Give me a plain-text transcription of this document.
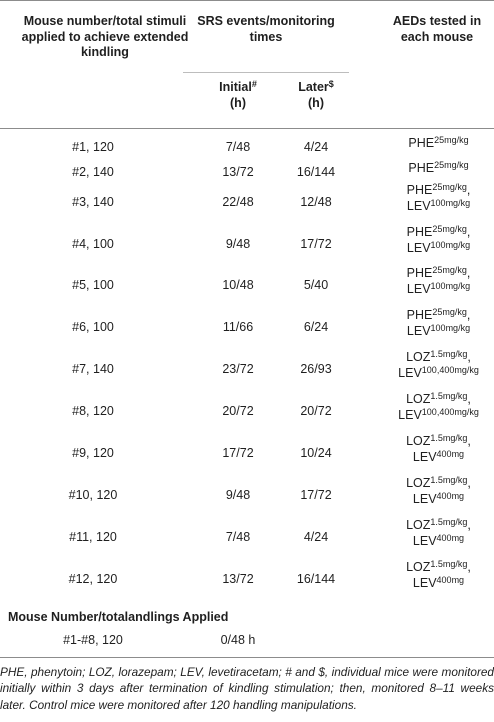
Mouse number/total stimuli applied to achieve extended kindling
SRS events/monitoring times
AEDs tested in each mouse
Initial#
(h)
Later$
(h)
#1, 120	7/48	4/24	$PHE^{25mg/kg}$
#2, 140	13/72	16/144	$PHE^{25mg/kg}$
#3, 140	22/48	12/48
$PHE^{25mg/kg}$,
$LEV^{100mg/kg}$
#4, 100	9/48	17/72
$PHE^{25mg/kg}$,
$LEV^{100mg/kg}$
#5, 100	10/48	5/40
$PHE^{25mg/kg}$,
$LEV^{100mg/kg}$
#6, 100	11/66	6/24
$PHE^{25mg/kg}$,
$LEV^{100mg/kg}$
#7, 140	23/72	26/93
$LOZ^{1.5mg/kg}$,
$LEV^{100,400mg/kg}$
#8, 120	20/72	20/72
$LOZ^{1.5mg/kg}$,
$LEV^{100,400mg/kg}$
#9, 120	17/72	10/24
$LOZ^{1.5mg/kg}$,
$LEV^{400mg}$
#10, 120	9/48	17/72
$LOZ^{1.5mg/kg}$,
$LEV^{400mg}$
#11, 120	7/48	4/24
$LOZ^{1.5mg/kg}$,
$LEV^{400mg}$
#12, 120	13/72	16/144
$LOZ^{1.5mg/kg}$,
$LEV^{400mg}$
Mouse Number/totalandlings Applied
#1-#8, 120	0/48 h
PHE, phenytoin; LOZ, lorazepam; LEV, levetiracetam; # and $, individual mice were monitored initially within 3 days after termination of kindling stimulation; then, monitored 8–11 weeks later. Control mice were monitored after 120 handling manipulations.
